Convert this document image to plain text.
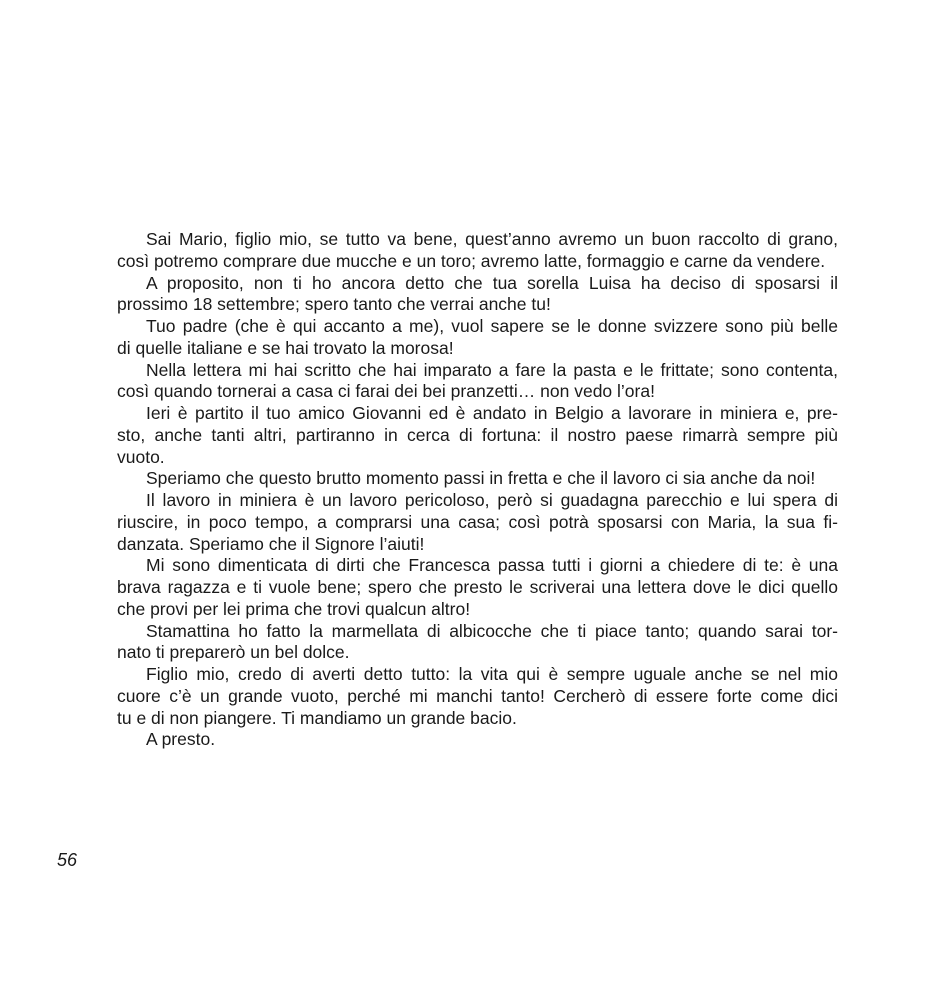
Sai Mario, figlio mio, se tutto va bene, quest’anno avremo un buon raccolto di grano,
così potremo comprare due mucche e un toro; avremo latte, formaggio e carne da vendere.
A proposito, non ti ho ancora detto che tua sorella Luisa ha deciso di sposarsi il
prossimo 18 settembre; spero tanto che verrai anche tu!
Tuo padre (che è qui accanto a me), vuol sapere se le donne svizzere sono più belle
di quelle italiane e se hai trovato la morosa!
Nella lettera mi hai scritto che hai imparato a fare la pasta e le frittate; sono contenta,
così quando tornerai a casa ci farai dei bei pranzetti… non vedo l’ora!
Ieri è partito il tuo amico Giovanni ed è andato in Belgio a lavorare in miniera e, pre-
sto, anche tanti altri, partiranno in cerca di fortuna: il nostro paese rimarrà sempre più
vuoto.
Speriamo che questo brutto momento passi in fretta e che il lavoro ci sia anche da noi!
Il lavoro in miniera è un lavoro pericoloso, però si guadagna parecchio e lui spera di
riuscire, in poco tempo, a comprarsi una casa; così potrà sposarsi con Maria, la sua fi-
danzata. Speriamo che il Signore l’aiuti!
Mi sono dimenticata di dirti che Francesca passa tutti i giorni a chiedere di te: è una
brava ragazza e ti vuole bene; spero che presto le scriverai una lettera dove le dici quello
che provi per lei prima che trovi qualcun altro!
Stamattina ho fatto la marmellata di albicocche che ti piace tanto; quando sarai tor-
nato ti preparerò un bel dolce.
Figlio mio, credo di averti detto tutto: la vita qui è sempre uguale anche se nel mio
cuore c’è un grande vuoto, perché mi manchi tanto! Cercherò di essere forte come dici
tu e di non piangere. Ti mandiamo un grande bacio.
A presto.
56
